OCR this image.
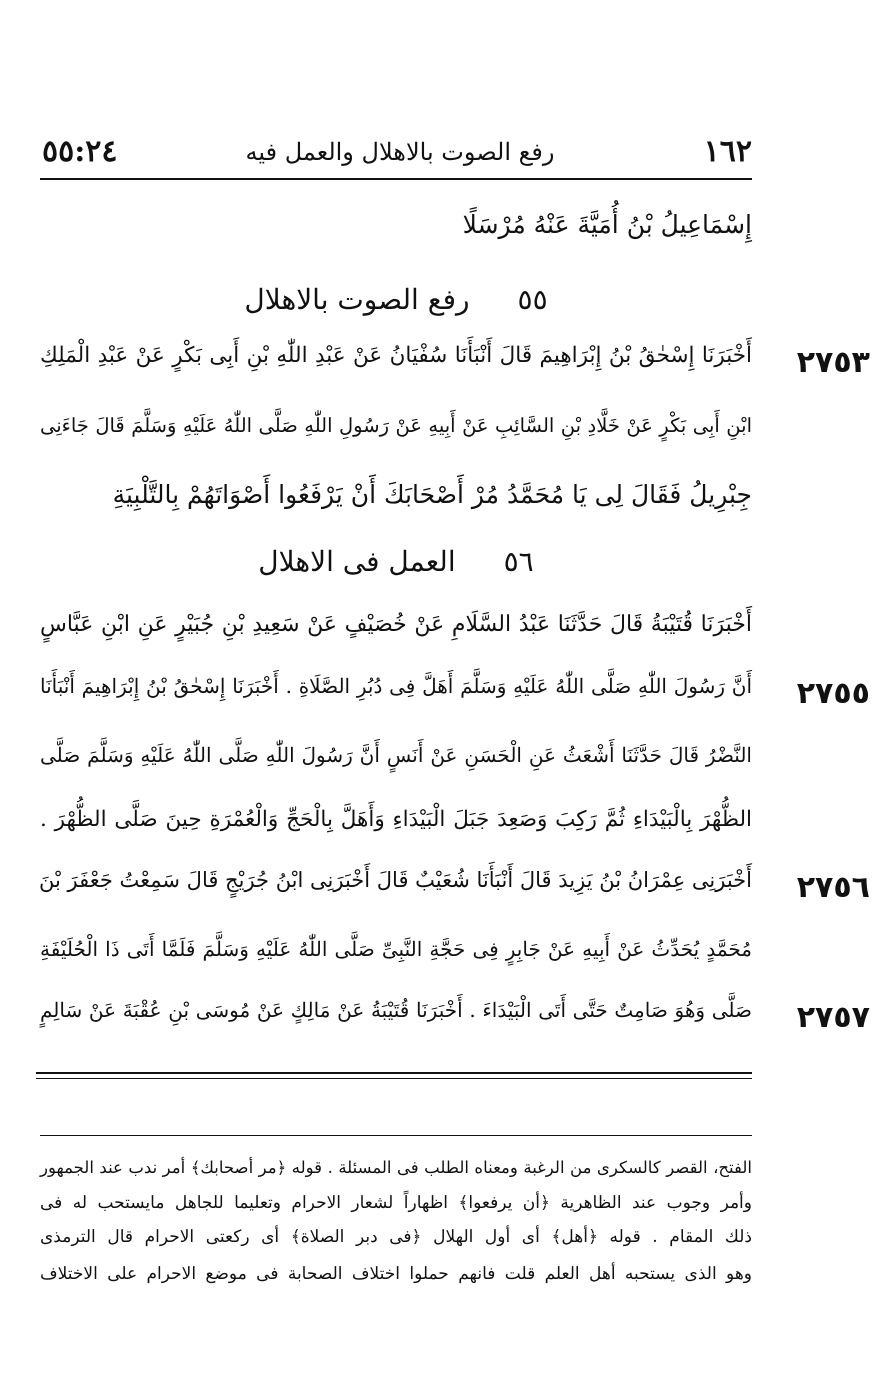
١٦٢
رفع الصوت بالاهلال والعمل فيه
٥٥:٢٤
إِسْمَاعِيلُ بْنُ أُمَيَّةَ عَنْهُ مُرْسَلًا
٥٥رفع الصوت بالاهلال
٢٧٥٣
أَخْبَرَنَا إِسْحٰقُ بْنُ إِبْرَاهِيمَ قَالَ أَنْبَأَنَا سُفْيَانُ عَنْ عَبْدِ اللّٰهِ بْنِ أَبِى بَكْرٍ عَنْ عَبْدِ الْمَلِكِ
ابْنِ أَبِى بَكْرٍ عَنْ خَلَّادِ بْنِ السَّائِبِ عَنْ أَبِيهِ عَنْ رَسُولِ اللّٰهِ صَلَّى اللّٰهُ عَلَيْهِ وَسَلَّمَ قَالَ جَاءَنِى
جِبْرِيلُ فَقَالَ لِى يَا مُحَمَّدُ مُرْ أَصْحَابَكَ أَنْ يَرْفَعُوا أَصْوَاتَهُمْ بِالتَّلْبِيَةِ
٥٦العمل فى الاهلال
أَخْبَرَنَا قُتَيْبَةُ قَالَ حَدَّثَنَا عَبْدُ السَّلَامِ عَنْ خُصَيْفٍ عَنْ سَعِيدِ بْنِ جُبَيْرٍ عَنِ ابْنِ عَبَّاسٍ
٢٧٥٥
أَنَّ رَسُولَ اللّٰهِ صَلَّى اللّٰهُ عَلَيْهِ وَسَلَّمَ أَهَلَّ فِى دُبُرِ الصَّلَاةِ . أَخْبَرَنَا إِسْحٰقُ بْنُ إِبْرَاهِيمَ أَنْبَأَنَا
النَّضْرُ قَالَ حَدَّثَنَا أَشْعَثُ عَنِ الْحَسَنِ عَنْ أَنَسٍ أَنَّ رَسُولَ اللّٰهِ صَلَّى اللّٰهُ عَلَيْهِ وَسَلَّمَ صَلَّى
الظُّهْرَ بِالْبَيْدَاءِ ثُمَّ رَكِبَ وَصَعِدَ جَبَلَ الْبَيْدَاءِ وَأَهَلَّ بِالْحَجِّ وَالْعُمْرَةِ حِينَ صَلَّى الظُّهْرَ .
٢٧٥٦
أَخْبَرَنِى عِمْرَانُ بْنُ يَزِيدَ قَالَ أَنْبَأَنَا شُعَيْبٌ قَالَ أَخْبَرَنِى ابْنُ جُرَيْجٍ قَالَ سَمِعْتُ جَعْفَرَ بْنَ
مُحَمَّدٍ يُحَدِّثُ عَنْ أَبِيهِ عَنْ جَابِرٍ فِى حَجَّةِ النَّبِىِّ صَلَّى اللّٰهُ عَلَيْهِ وَسَلَّمَ فَلَمَّا أَتَى ذَا الْحُلَيْفَةِ
٢٧٥٧
صَلَّى وَهُوَ صَامِتٌ حَتَّى أَتَى الْبَيْدَاءَ . أَخْبَرَنَا قُتَيْبَةُ عَنْ مَالِكٍ عَنْ مُوسَى بْنِ عُقْبَةَ عَنْ سَالِمٍ
الفتح، القصر كالسكرى من الرغبة ومعناه الطلب فى المسئلة . قوله ﴿مر أصحابك﴾ أمر ندب عند الجمهور
وأمر وجوب عند الظاهرية ﴿أن يرفعوا﴾ اظهاراً لشعار الاحرام وتعليما للجاهل مايستحب له فى
ذلك المقام . قوله ﴿أهل﴾ أى أول الهلال ﴿فى دبر الصلاة﴾ أى ركعتى الاحرام قال الترمذى
وهو الذى يستحبه أهل العلم قلت فانهم حملوا اختلاف الصحابة فى موضع الاحرام على الاختلاف
